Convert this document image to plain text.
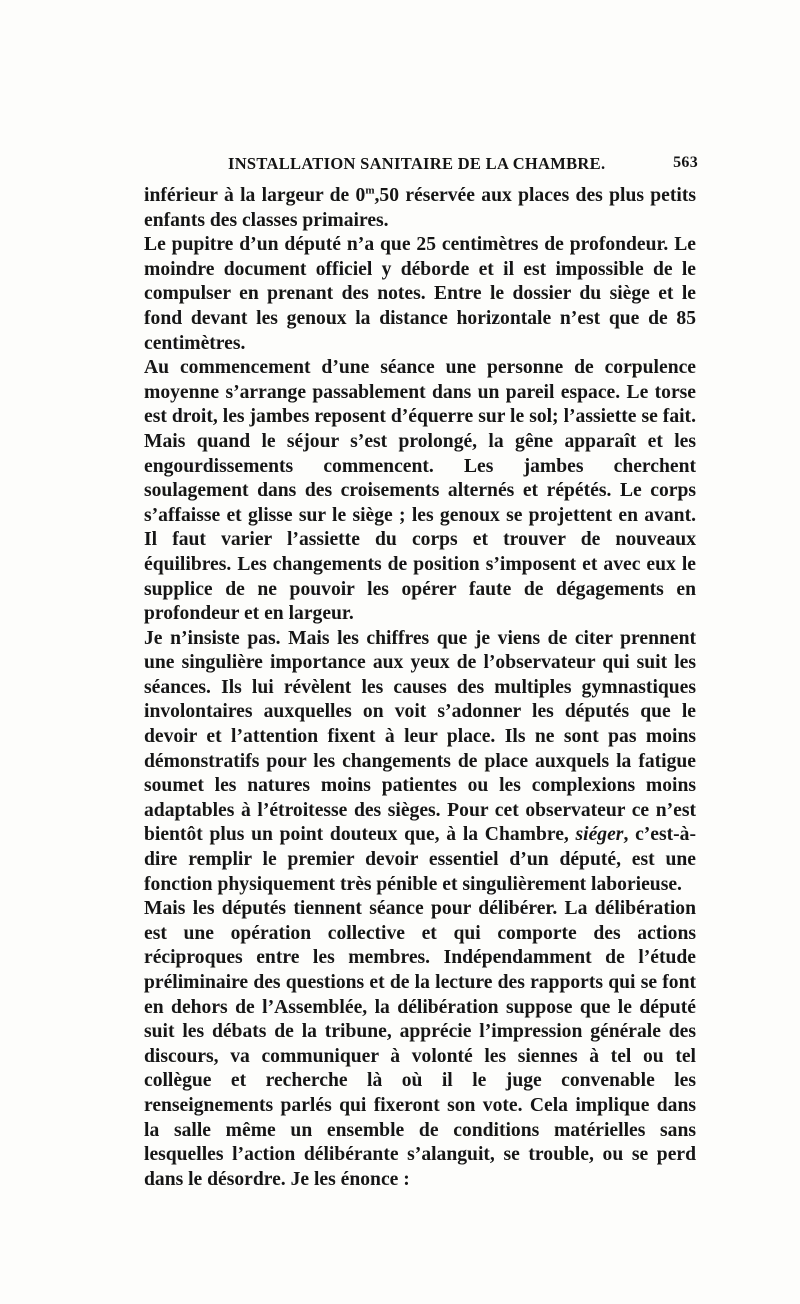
INSTALLATION SANITAIRE DE LA CHAMBRE.	563

inférieur à la largeur de 0$^m$,50 réservée aux places des plus petits enfants des classes primaires.

Le pupitre d’un député n’a que 25 centimètres de profondeur. Le moindre document officiel y déborde et il est impossible de le compulser en prenant des notes. Entre le dossier du siège et le fond devant les genoux la distance horizontale n’est que de 85 centimètres.

Au commencement d’une séance une personne de corpulence moyenne s’arrange passablement dans un pareil espace. Le torse est droit, les jambes reposent d’équerre sur le sol; l’assiette se fait. Mais quand le séjour s’est prolongé, la gêne apparaît et les engourdissements commencent. Les jambes cherchent soulagement dans des croisements alternés et répétés. Le corps s’affaisse et glisse sur le siège ; les genoux se projettent en avant. Il faut varier l’assiette du corps et trouver de nouveaux équilibres. Les changements de position s’imposent et avec eux le supplice de ne pouvoir les opérer faute de dégagements en profondeur et en largeur.

Je n’insiste pas. Mais les chiffres que je viens de citer prennent une singulière importance aux yeux de l’observateur qui suit les séances. Ils lui révèlent les causes des multiples gymnastiques involontaires auxquelles on voit s’adonner les députés que le devoir et l’attention fixent à leur place. Ils ne sont pas moins démonstratifs pour les changements de place auxquels la fatigue soumet les natures moins patientes ou les complexions moins adaptables à l’étroitesse des sièges. Pour cet observateur ce n’est bientôt plus un point douteux que, à la Chambre, siéger, c’est-à-dire remplir le premier devoir essentiel d’un député, est une fonction physiquement très pénible et singulièrement laborieuse.

Mais les députés tiennent séance pour délibérer. La délibération est une opération collective et qui comporte des actions réciproques entre les membres. Indépendamment de l’étude préliminaire des questions et de la lecture des rapports qui se font en dehors de l’Assemblée, la délibération suppose que le député suit les débats de la tribune, apprécie l’impression générale des discours, va communiquer à volonté les siennes à tel ou tel collègue et recherche là où il le juge convenable les renseignements parlés qui fixeront son vote. Cela implique dans la salle même un ensemble de conditions matérielles sans lesquelles l’action délibérante s’alanguit, se trouble, ou se perd dans le désordre. Je les énonce :
